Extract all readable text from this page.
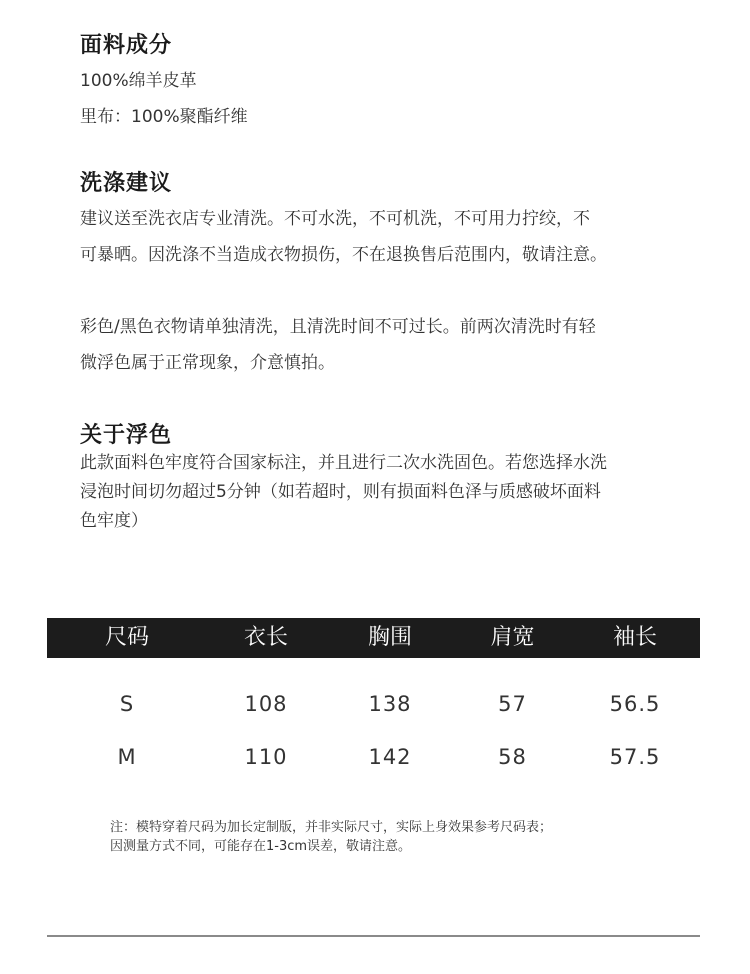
面料成分

100%绵羊皮革

里布：100%聚酯纤维

洗涤建议

建议送至洗衣店专业清洗。不可水洗，不可机洗，不可用力拧绞，不

可暴晒。因洗涤不当造成衣物损伤，不在退换售后范围内，敬请注意。

彩色/黑色衣物请单独清洗，且清洗时间不可过长。前两次清洗时有轻

微浮色属于正常现象，介意慎拍。

关于浮色

此款面料色牢度符合国家标注，并且进行二次水洗固色。若您选择水洗

浸泡时间切勿超过5分钟（如若超时，则有损面料色泽与质感破坏面料

色牢度）

尺码	衣长	胸围	肩宽	袖长
S	108	138	57	56.5
M	110	142	58	57.5
注：模特穿着尺码为加长定制版，并非实际尺寸，实际上身效果参考尺码表；
因测量方式不同，可能存在1-3cm误差，敬请注意。
